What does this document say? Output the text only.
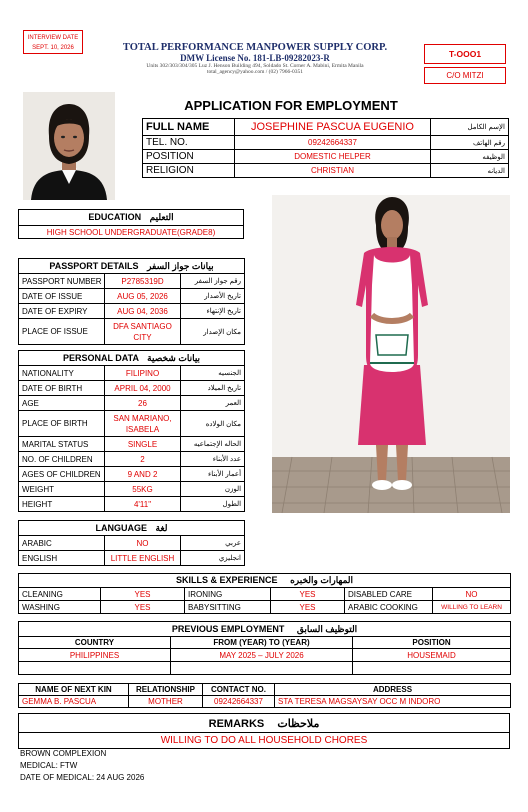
INTERVIEW DATE
SEPT. 10, 2026	TOTAL PERFORMANCE MANPOWER SUPPLY CORP.
DMW License No. 181-LB-09282023-R
Units 302/303/304/305 Luz J. Henson Building 494, Soldado St. Corner A. Mabini, Ermita Manila
total_agency@yahoo.com / (02) 7966-0351
T-OOO1
C/O MITZI
APPLICATION FOR EMPLOYMENT
FULL NAME	JOSEPHINE PASCUA EUGENIO	الإسم الكامل
TEL. NO.	09242664337	رقم الهاتف
POSITION	DOMESTIC HELPER	الوظيفه
RELIGION	CHRISTIAN	الديانه
EDUCATION التعليم
HIGH SCHOOL UNDERGRADUATE(GRADE8)
PASSPORT DETAILS بيانات جواز السفر		
PASSPORT NUMBER	P2785319D	رقم جواز السفر
DATE OF ISSUE	AUG 05, 2026	تاريخ الأصدار
DATE OF EXPIRY	AUG 04, 2036	تاريخ الإنتهاء
PLACE OF ISSUE	DFA SANTIAGO CITY	مكان الإصدار
PERSONAL DATA بيانات شخصية		
NATIONALITY	FILIPINO	الجنسيه
DATE OF BIRTH	APRIL 04, 2000	تاريخ الميلاد
AGE	26	العمر
PLACE OF BIRTH	SAN MARIANO, ISABELA	مكان الولاده
MARITAL STATUS	SINGLE	الحاله الإجتماعيه
NO. OF CHILDREN	2	عدد الأبناء
AGES OF CHILDREN	9 AND 2	أعمار الأبناء
WEIGHT	55KG	الوزن
HEIGHT	4'11"	الطول
LANGUAGE لغة		
ARABIC	NO	عربي
ENGLISH	LITTLE ENGLISH	انجليزي
SKILLS & EXPERIENCE المهارات والخبره					
CLEANING	YES	IRONING	YES	DISABLED CARE	NO
WASHING	YES	BABYSITTING	YES	ARABIC COOKING	WILLING TO LEARN
PREVIOUS EMPLOYMENT التوظيف السابق		
COUNTRY	FROM (YEAR) TO (YEAR)	POSITION
PHILIPPINES	MAY 2025 – JULY 2026	HOUSEMAID

NAME OF NEXT KIN	RELATIONSHIP	CONTACT NO.	ADDRESS
GEMMA B. PASCUA	MOTHER	09242664337	STA TERESA MAGSAYSAY OCC M INDORO
REMARKS ملاحظات
WILLING TO DO ALL HOUSEHOLD CHORES
BROWN COMPLEXION
MEDICAL: FTW
DATE OF MEDICAL: 24 AUG 2026
